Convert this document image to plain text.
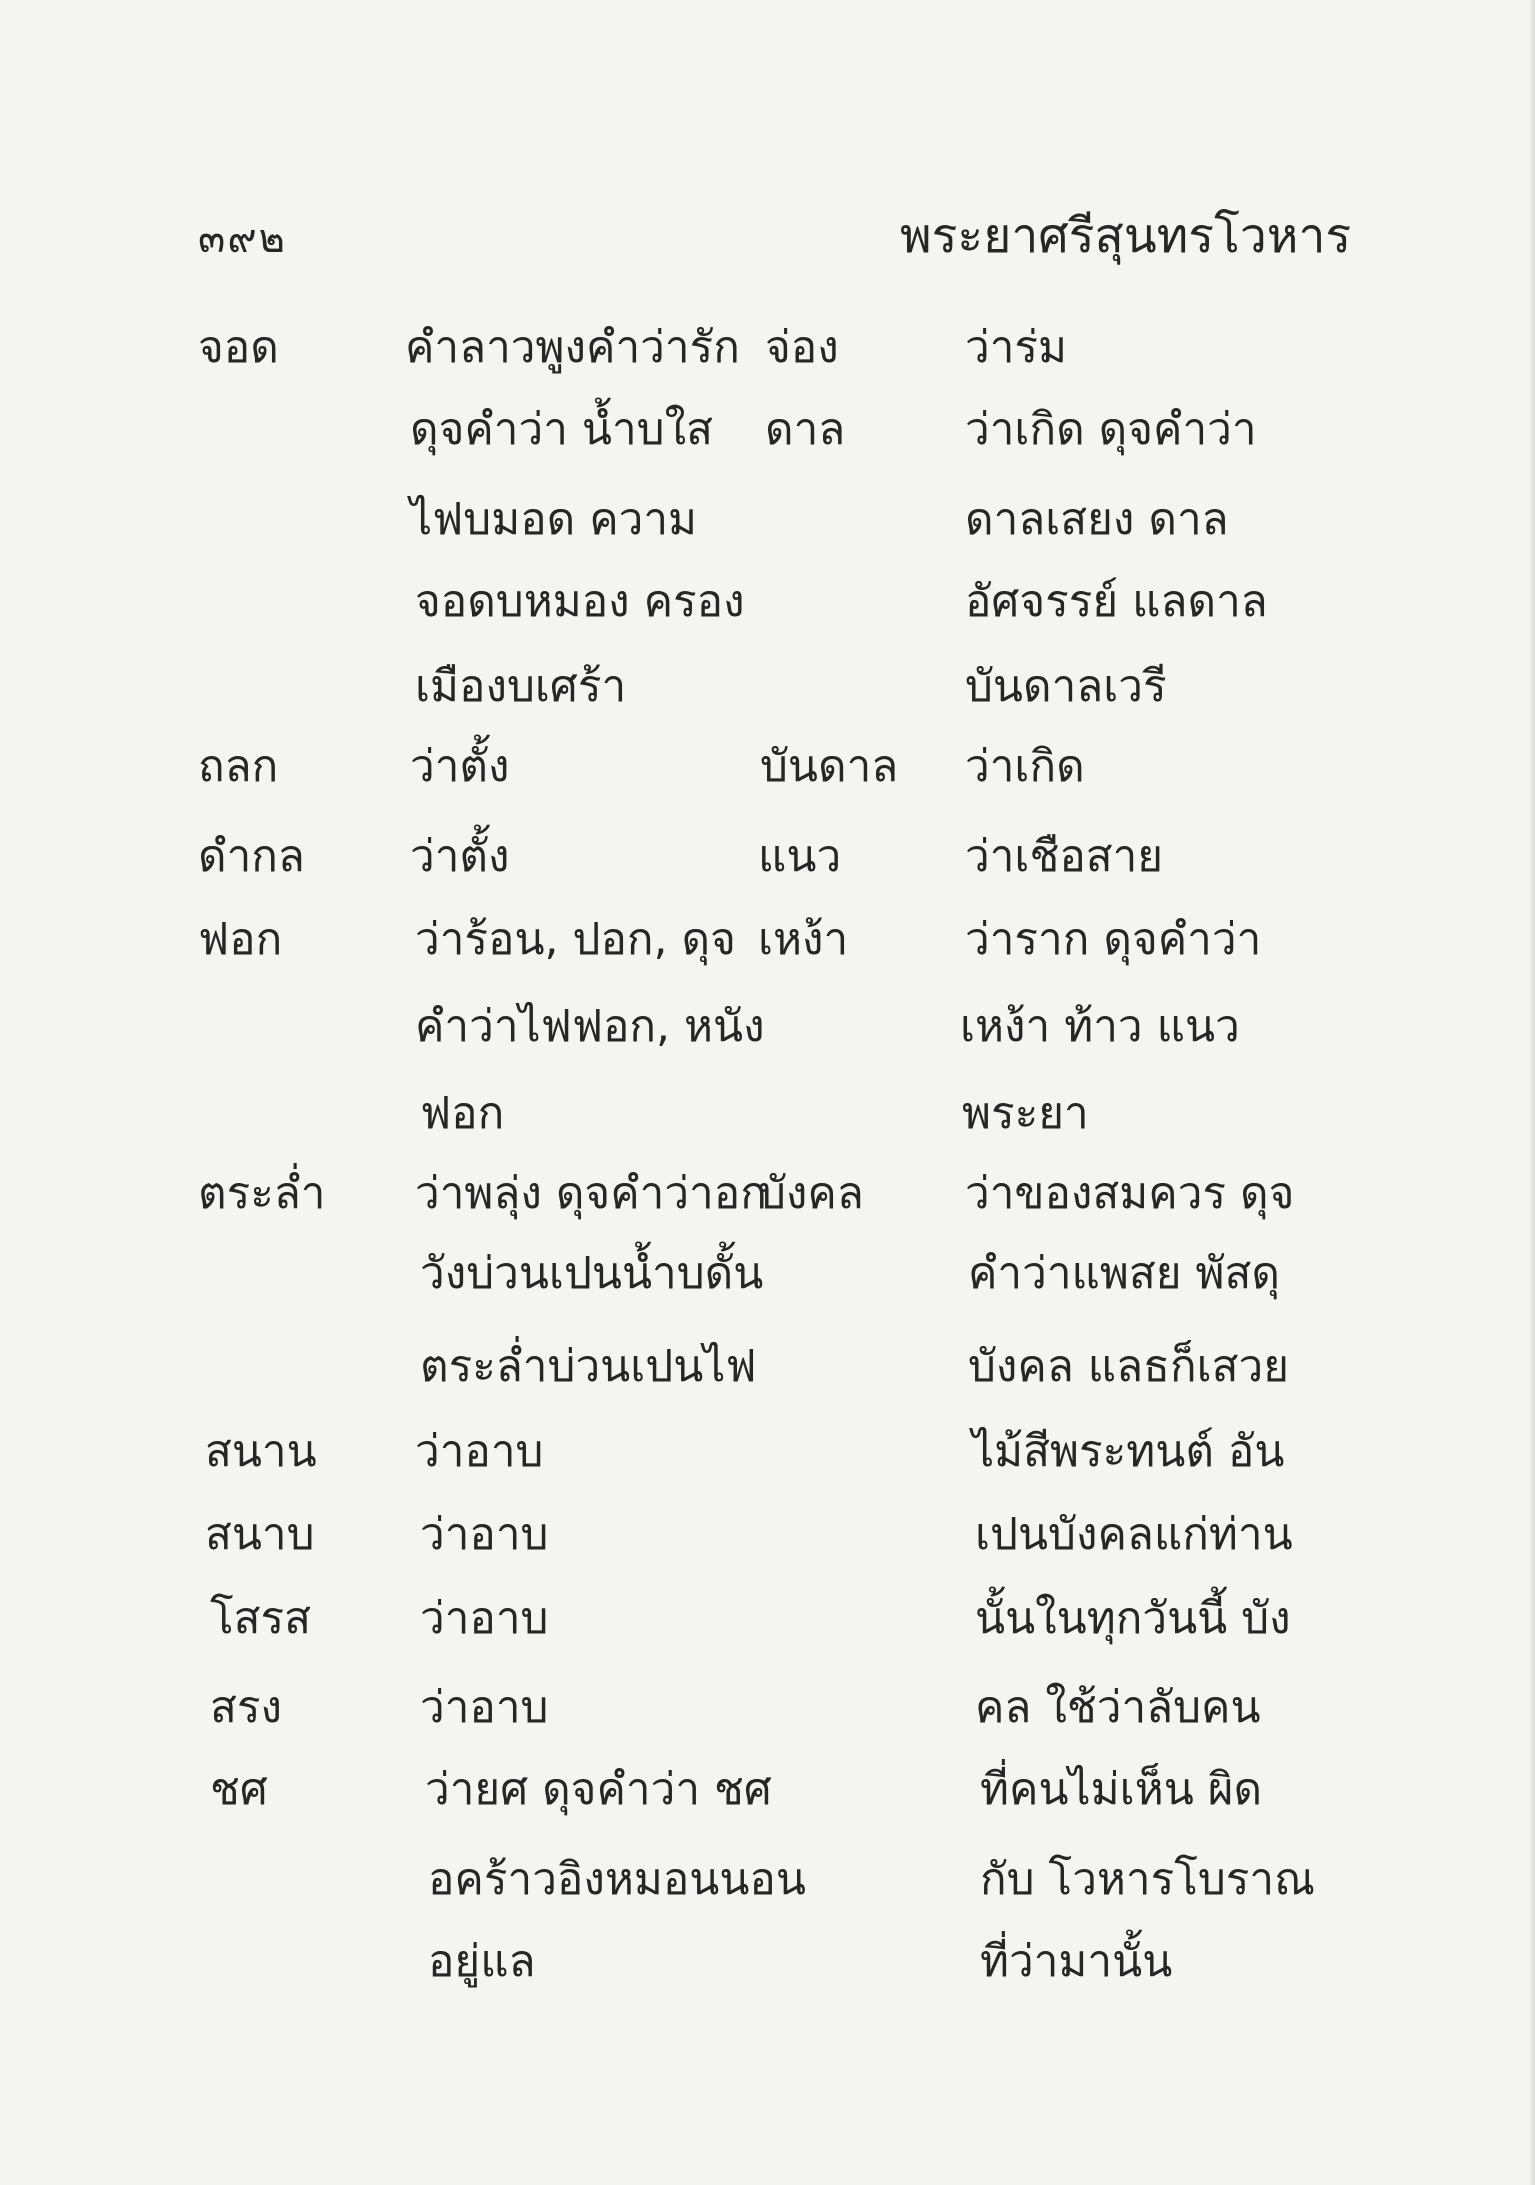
๓๙๒	พระยาศรีสุนทรโวหาร
จอด
ถลก
ดำกล
ฟอก
ตระล่ำ
สนาน
สนาบ
โสรส
สรง
ชศ
คำลาวพูงคำว่ารัก
ดุจคำว่า น้ำบใส
ไฟบมอด ความ
จอดบหมอง ครอง
เมืองบเศร้า
ว่าตั้ง
ว่าตั้ง
ว่าร้อน, ปอก, ดุจ
คำว่าไฟฟอก, หนัง
ฟอก
ว่าพลุ่ง ดุจคำว่าอก
วังบ่วนเปนน้ำบดั้น
ตระล่ำบ่วนเปนไฟ
ว่าอาบ
ว่าอาบ
ว่าอาบ
ว่าอาบ
ว่ายศ ดุจคำว่า ชศ
อคร้าวอิงหมอนนอน
อยู่แล
จ่อง
ดาล
บันดาล
แนว
เหง้า
บังคล
ว่าร่ม
ว่าเกิด ดุจคำว่า
ดาลเสยง ดาล
อัศจรรย์ แลดาล
บันดาลเวรี
ว่าเกิด
ว่าเชือสาย
ว่าราก ดุจคำว่า
เหง้า ท้าว แนว
พระยา
ว่าของสมควร ดุจ
คำว่าแพสย พัสดุ
บังคล แลธก็เสวย
ไม้สีพระทนต์ อัน
เปนบังคลแก่ท่าน
นั้นในทุกวันนี้ บัง
คล ใช้ว่าลับคน
ที่คนไม่เห็น ผิด
กับ โวหารโบราณ
ที่ว่ามานั้น
